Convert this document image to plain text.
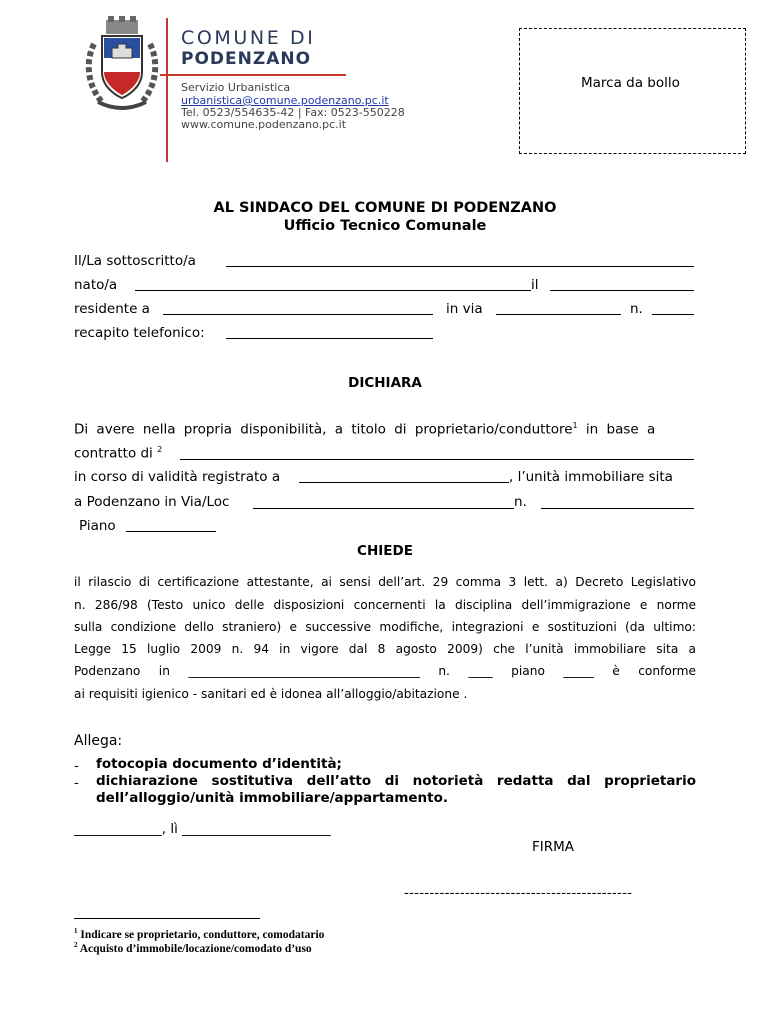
COMUNE DI
PODENZANO
Servizio Urbanistica
urbanistica@comune.podenzano.pc.it
Tel. 0523/554635-42 | Fax: 0523-550228
www.comune.podenzano.pc.it
Marca da bollo
AL SINDACO DEL COMUNE DI PODENZANO
Ufficio Tecnico Comunale
Il/La sottoscritto/a
nato/a	il
residente a	in via	n.
recapito telefonico:
DICHIARA
Di avere nella propria disponibilità, a titolo di proprietario/conduttore$^1$ in base a
contratto di $^2$
in corso di validità registrato a	, l’unità immobiliare sita
a Podenzano in Via/Loc	n.
Piano
CHIEDE
il rilascio di certificazione attestante, ai sensi dell’art. 29 comma 3 lett. a) Decreto Legislativo
n. 286/98 (Testo unico delle disposizioni concernenti la disciplina dell’immigrazione e norme
sulla condizione dello straniero) e successive modifiche, integrazioni e sostituzioni (da ultimo:
Legge 15 luglio 2009 n. 94 in vigore dal 8 agosto 2009) che l’unità immobiliare sita a
Podenzano in ______________________________________ n. ____ piano _____ è conforme
ai requisiti igienico - sanitari ed è idonea all’alloggio/abitazione .
Allega:
- fotocopia documento d’identità;
- dichiarazione sostitutiva dell’atto di notorietà redatta dal proprietario
dell’alloggio/unità immobiliare/appartamento.
_____________, lì ______________________
FIRMA
---------------------------------------------
$^1$ Indicare se proprietario, conduttore, comodatario
$^2$ Acquisto d’immobile/locazione/comodato d’uso
